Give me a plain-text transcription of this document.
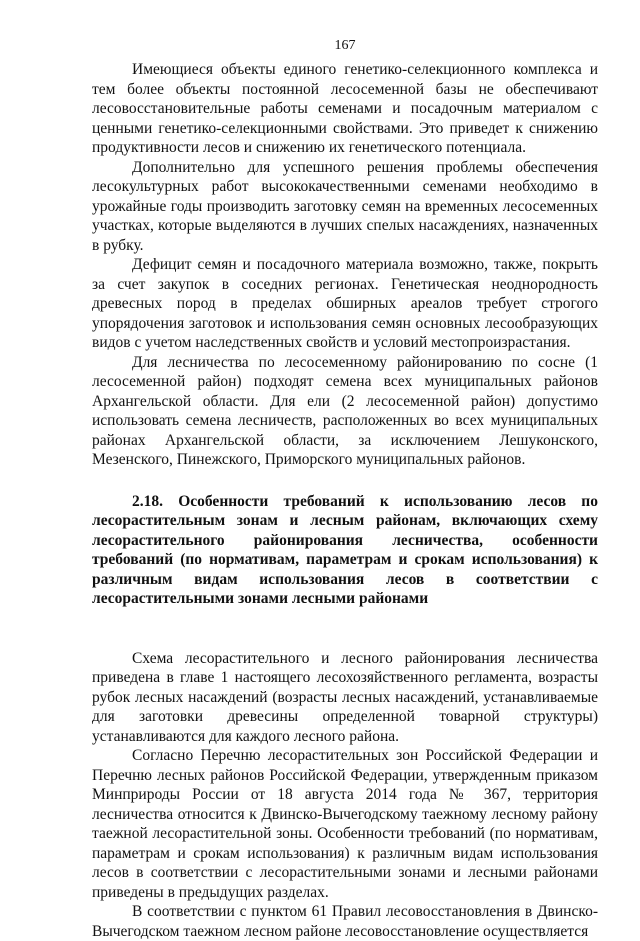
167

Имеющиеся объекты единого генетико-селекционного комплекса и тем более объекты постоянной лесосеменной базы не обеспечивают лесовосстановительные работы семенами и посадочным материалом с ценными генетико-селекционными свойствами. Это приведет к снижению продуктивности лесов и снижению их генетического потенциала.

Дополнительно для успешного решения проблемы обеспечения лесокультурных работ высококачественными семенами необходимо в урожайные годы производить заготовку семян на временных лесосеменных участках, которые выделяются в лучших спелых насаждениях, назначенных в рубку.

Дефицит семян и посадочного материала возможно, также, покрыть за счет закупок в соседних регионах. Генетическая неоднородность древесных пород в пределах обширных ареалов требует строгого упорядочения заготовок и использования семян основных лесообразующих видов с учетом наследственных свойств и условий местопроизрастания.

Для лесничества по лесосеменному районированию по сосне (1 лесосеменной район) подходят семена всех муниципальных районов Архангельской области. Для ели (2 лесосеменной район) допустимо использовать семена лесничеств, расположенных во всех муниципальных районах Архангельской области, за исключением Лешуконского, Мезенского, Пинежского, Приморского муниципальных районов.

2.18. Особенности требований к использованию лесов по лесорастительным зонам и лесным районам, включающих схему лесорастительного районирования лесничества, особенности требований (по нормативам, параметрам и срокам использования) к различным видам использования лесов в соответствии с лесорастительными зонами лесными районами

Схема лесорастительного и лесного районирования лесничества приведена в главе 1 настоящего лесохозяйственного регламента, возрасты рубок лесных насаждений (возрасты лесных насаждений, устанавливаемые для заготовки древесины определенной товарной структуры) устанавливаются для каждого лесного района.

Согласно Перечню лесорастительных зон Российской Федерации и Перечню лесных районов Российской Федерации, утвержденным приказом Минприроды России от 18 августа 2014 года № 367, территория лесничества относится к Двинско-Вычегодскому таежному лесному району таежной лесорастительной зоны. Особенности требований (по нормативам, параметрам и срокам использования) к различным видам использования лесов в соответствии с лесорастительными зонами и лесными районами приведены в предыдущих разделах.

В соответствии с пунктом 61 Правил лесовосстановления в Двинско-Вычегодском таежном лесном районе лесовосстановление осуществляется
